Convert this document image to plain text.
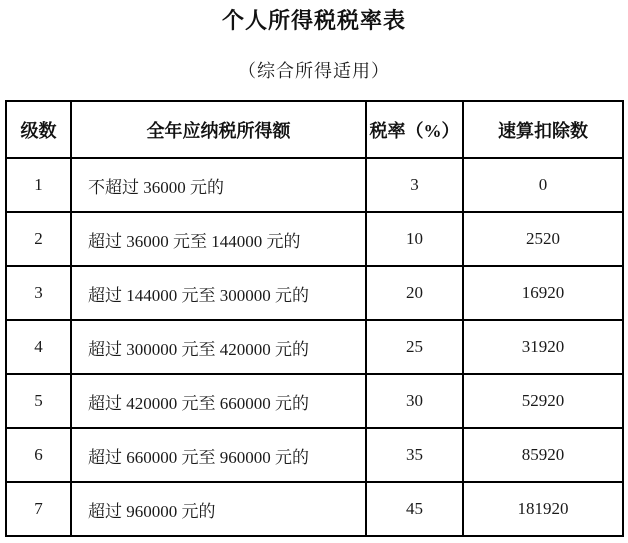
个人所得税税率表
（综合所得适用）
级数	全年应纳税所得额	税率（%）	速算扣除数
1	不超过 36000 元的	3	0
2	超过 36000 元至 144000 元的	10	2520
3	超过 144000 元至 300000 元的	20	16920
4	超过 300000 元至 420000 元的	25	31920
5	超过 420000 元至 660000 元的	30	52920
6	超过 660000 元至 960000 元的	35	85920
7	超过 960000 元的	45	181920
